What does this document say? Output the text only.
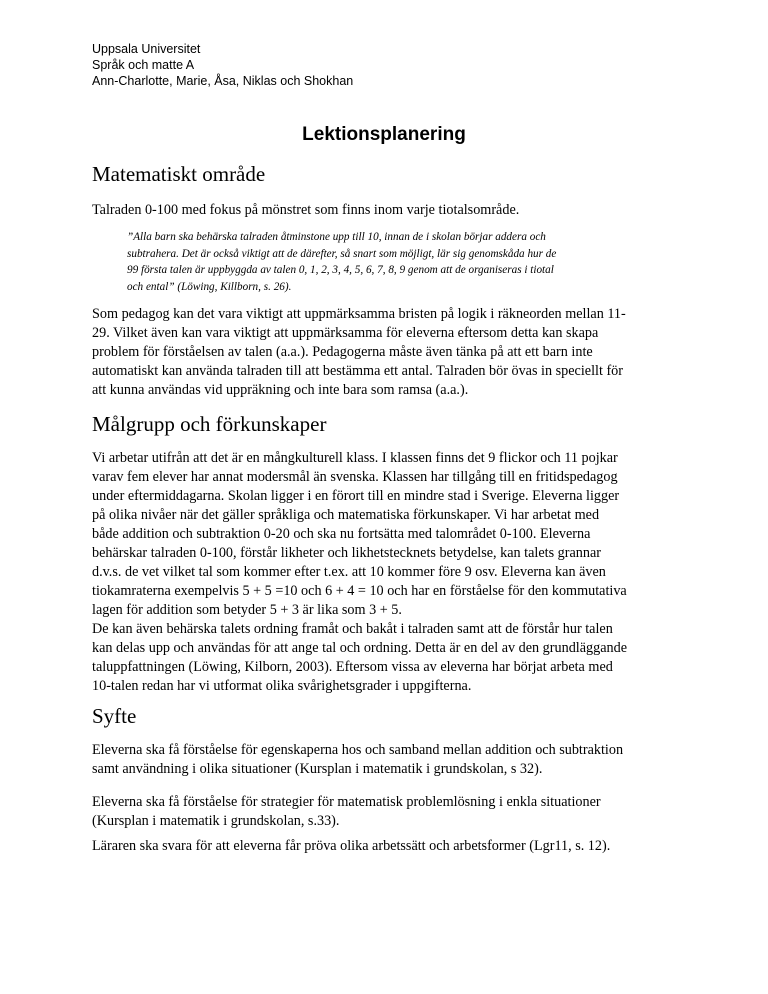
Uppsala Universitet
Språk och matte A
Ann-Charlotte, Marie, Åsa, Niklas och Shokhan
Lektionsplanering
Matematiskt område
Talraden 0-100 med fokus på mönstret som finns inom varje tiotalsområde.
”Alla barn ska behärska talraden åtminstone upp till 10, innan de i skolan börjar addera och
subtrahera. Det är också viktigt att de därefter, så snart som möjligt, lär sig genomskåda hur de
99 första talen är uppbyggda av talen 0, 1, 2, 3, 4, 5, 6, 7, 8, 9 genom att de organiseras i tiotal
och ental” (Löwing, Killborn, s. 26).
Som pedagog kan det vara viktigt att uppmärksamma bristen på logik i räkneorden mellan 11-
29. Vilket även kan vara viktigt att uppmärksamma för eleverna eftersom detta kan skapa
problem för förståelsen av talen (a.a.). Pedagogerna måste även tänka på att ett barn inte
automatiskt kan använda talraden till att bestämma ett antal. Talraden bör övas in speciellt för
att kunna användas vid uppräkning och inte bara som ramsa (a.a.).
Målgrupp och förkunskaper
Vi arbetar utifrån att det är en mångkulturell klass. I klassen finns det 9 flickor och 11 pojkar
varav fem elever har annat modersmål än svenska. Klassen har tillgång till en fritidspedagog
under eftermiddagarna. Skolan ligger i en förort till en mindre stad i Sverige. Eleverna ligger
på olika nivåer när det gäller språkliga och matematiska förkunskaper. Vi har arbetat med
både addition och subtraktion 0-20 och ska nu fortsätta med talområdet 0-100. Eleverna
behärskar talraden 0-100, förstår likheter och likhetstecknets betydelse, kan talets grannar
d.v.s. de vet vilket tal som kommer efter t.ex. att 10 kommer före 9 osv. Eleverna kan även
tiokamraterna exempelvis 5 + 5 =10 och 6 + 4 = 10 och har en förståelse för den kommutativa
lagen för addition som betyder 5 + 3 är lika som 3 + 5.
De kan även behärska talets ordning framåt och bakåt i talraden samt att de förstår hur talen
kan delas upp och användas för att ange tal och ordning. Detta är en del av den grundläggande
taluppfattningen (Löwing, Kilborn, 2003). Eftersom vissa av eleverna har börjat arbeta med
10-talen redan har vi utformat olika svårighetsgrader i uppgifterna.
Syfte
Eleverna ska få förståelse för egenskaperna hos och samband mellan addition och subtraktion
samt användning i olika situationer (Kursplan i matematik i grundskolan, s 32).
Eleverna ska få förståelse för strategier för matematisk problemlösning i enkla situationer
(Kursplan i matematik i grundskolan, s.33).
Läraren ska svara för att eleverna får pröva olika arbetssätt och arbetsformer (Lgr11, s. 12).
